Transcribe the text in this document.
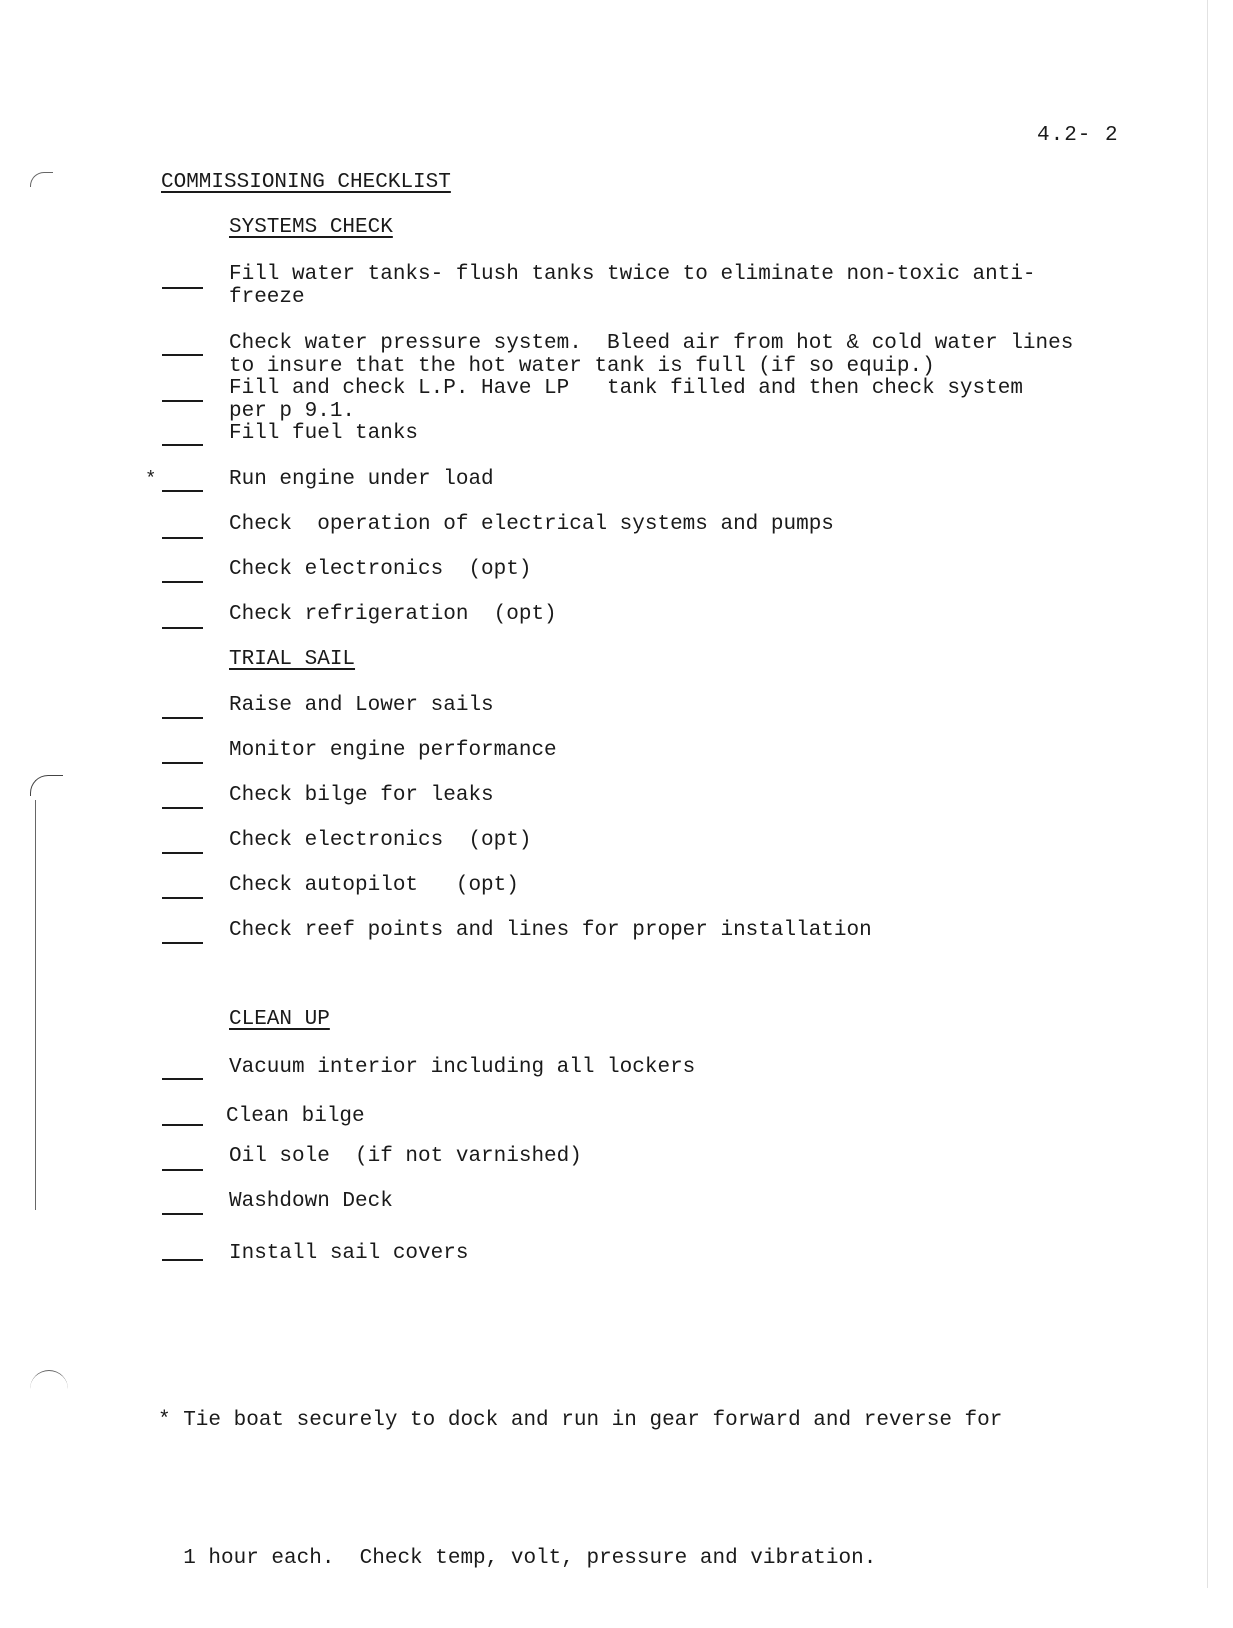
4.2- 2
COMMISSIONING CHECKLIST
SYSTEMS CHECK
Fill water tanks- flush tanks twice to eliminate non-toxic anti-
freeze
Check water pressure system.  Bleed air from hot & cold water lines
to insure that the hot water tank is full (if so equip.)
Fill and check L.P. Have LP   tank filled and then check system
per p 9.1.
Fill fuel tanks
*	Run engine under load
Check  operation of electrical systems and pumps
Check electronics  (opt)
Check refrigeration  (opt)
TRIAL SAIL
Raise and Lower sails
Monitor engine performance
Check bilge for leaks
Check electronics  (opt)
Check autopilot   (opt)
Check reef points and lines for proper installation
CLEAN UP
Vacuum interior including all lockers
Clean bilge
Oil sole  (if not varnished)
Washdown Deck
Install sail covers

* Tie boat securely to dock and run in gear forward and reverse for

1 hour each.  Check temp, volt, pressure and vibration.
